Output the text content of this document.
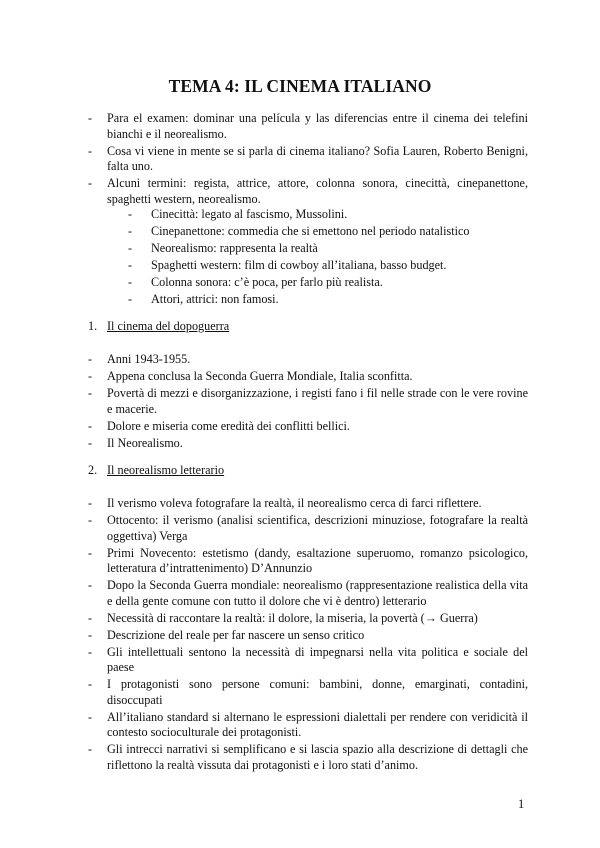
TEMA 4: IL CINEMA ITALIANO
- Para el examen: dominar una película y las diferencias entre il cinema dei telefini bianchi e il neorealismo.
- Cosa vi viene in mente se si parla di cinema italiano? Sofia Lauren, Roberto Benigni, falta uno.
- Alcuni termini: regista, attrice, attore, colonna sonora, cinecittà, cinepanettone, spaghetti western, neorealismo.
- Cinecittà: legato al fascismo, Mussolini.
- Cinepanettone: commedia che si emettono nel periodo natalistico
- Neorealismo: rappresenta la realtà
- Spaghetti western: film di cowboy all’italiana, basso budget.
- Colonna sonora: c’è poca, per farlo più realista.
- Attori, attrici: non famosi.
1. Il cinema del dopoguerra
- Anni 1943-1955.
- Appena conclusa la Seconda Guerra Mondiale, Italia sconfitta.
- Povertà di mezzi e disorganizzazione, i registi fano i fil nelle strade con le vere rovine e macerie.
- Dolore e miseria come eredità dei conflitti bellici.
- Il Neorealismo.
2. Il neorealismo letterario
- Il verismo voleva fotografare la realtà, il neorealismo cerca di farci riflettere.
- Ottocento: il verismo (analisi scientifica, descrizioni minuziose, fotografare la realtà oggettiva) Verga
- Primi Novecento: estetismo (dandy, esaltazione superuomo, romanzo psicologico, letteratura d’intrattenimento) D’Annunzio
- Dopo la Seconda Guerra mondiale: neorealismo (rappresentazione realistica della vita e della gente comune con tutto il dolore che vi è dentro) letterario
- Necessità di raccontare la realtà: il dolore, la miseria, la povertà (→ Guerra)
- Descrizione del reale per far nascere un senso critico
- Gli intellettuali sentono la necessità di impegnarsi nella vita politica e sociale del paese
- I protagonisti sono persone comuni: bambini, donne, emarginati, contadini, disoccupati
- All’italiano standard si alternano le espressioni dialettali per rendere con veridicità il contesto socioculturale dei protagonisti.
- Gli intrecci narrativi si semplificano e si lascia spazio alla descrizione di dettagli che riflettono la realtà vissuta dai protagonisti e i loro stati d’animo.
1
